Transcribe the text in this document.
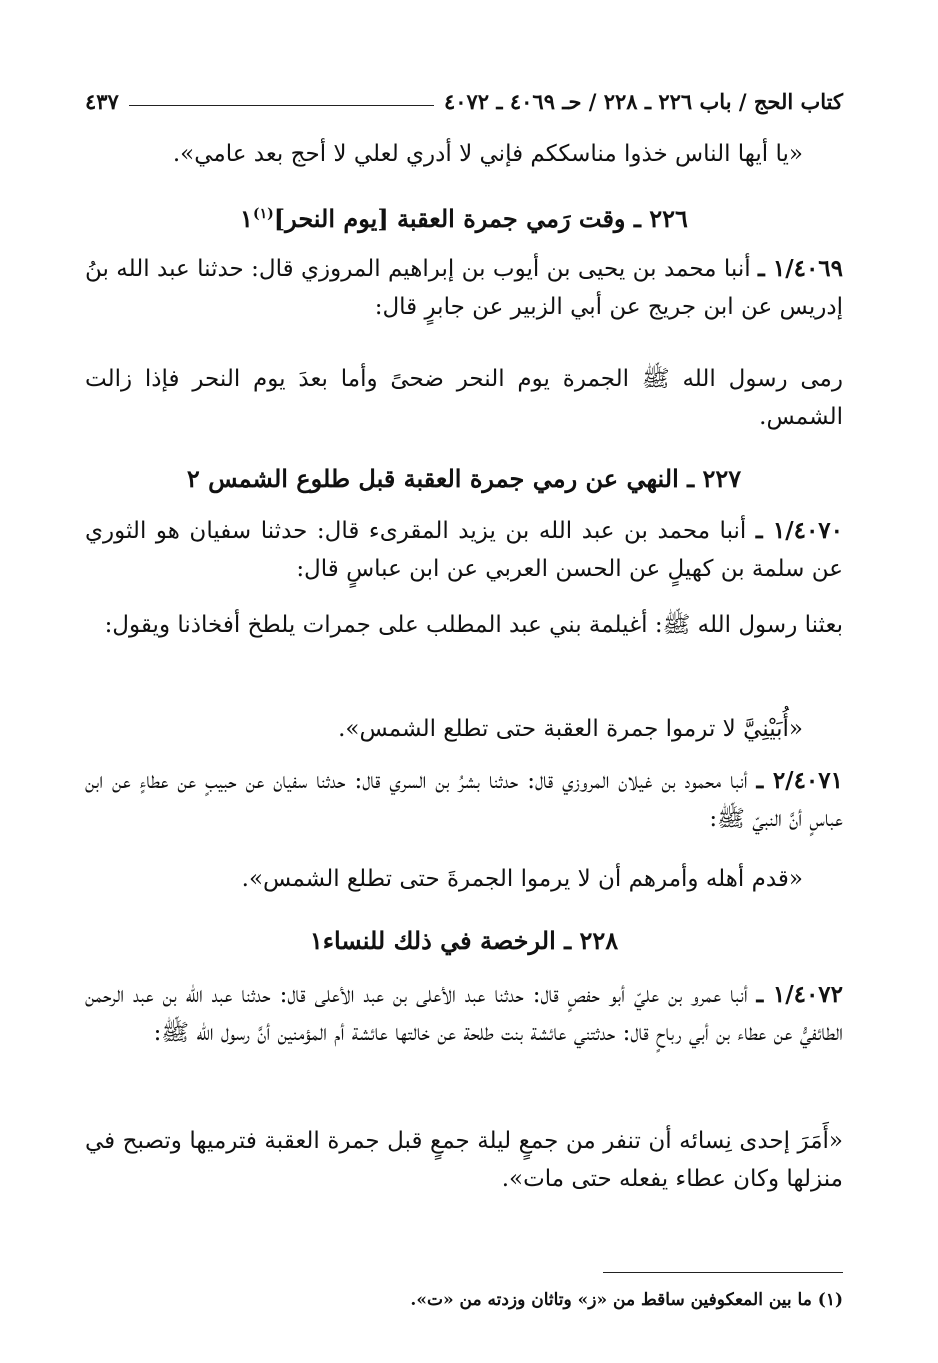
كتاب الحج / باب ٢٢٦ ـ ٢٢٨ / حـ ٤٠٦٩ ـ ٤٠٧٢
٤٣٧

«يا أيها الناس خذوا مناسككم فإني لا أدري لعلي لا أحج بعد عامي».

٢٢٦ ـ وقت رَمي جمرة العقبة [يوم النحر]$^{(١)}$١

١/٤٠٦٩ ـ أنبا محمد بن يحيى بن أيوب بن إبراهيم المروزي قال: حدثنا عبد الله بنُ إدريس عن ابن جريج عن أبي الزبير عن جابرٍ قال:

رمى رسول الله ﷺ الجمرة يوم النحر ضحىً وأما بعدَ يوم النحر فإذا زالت الشمس.

٢٢٧ ـ النهي عن رمي جمرة العقبة قبل طلوع الشمس ٢

١/٤٠٧٠ ـ أنبا محمد بن عبد الله بن يزيد المقرىء قال: حدثنا سفيان هو الثوري عن سلمة بن كهيلٍ عن الحسن العربي عن ابن عباسٍ قال:

بعثنا رسول الله ﷺ: أغيلمة بني عبد المطلب على جمرات يلطخ أفخاذنا ويقول:

«أُبَيْنِيَّ لا ترموا جمرة العقبة حتى تطلع الشمس».

٢/٤٠٧١ ـ أنبا محمود بن غيلان المروزي قال: حدثنا بشرُ بن السري قال: حدثنا سفيان عن حبيبٍ عن عطاءٍ عن ابن عباسٍ أنَّ النبيّ ﷺ:

«قدم أهله وأمرهم أن لا يرموا الجمرةَ حتى تطلع الشمس».

٢٢٨ ـ الرخصة في ذلك للنساء١

١/٤٠٧٢ ـ أنبا عمرو بن عليّ أبو حفصٍ قال: حدثنا عبد الأعلى بن عبد الأعلى قال: حدثنا عبد الله بن عبد الرحمن الطائفيُّ عن عطاء بن أبي رباحٍ قال: حدثتني عائشة بنت طلحة عن خالتها عائشة أم المؤمنين أنَّ رسول الله ﷺ:

«أَمَرَ إحدى نِسائه أن تنفر من جمعٍ ليلة جمعٍ قبل جمرة العقبة فترميها وتصبح في منزلها وكان عطاء يفعله حتى مات».

(١) ما بين المعكوفين ساقط من «ز» وتاثان وزدته من «ت».
